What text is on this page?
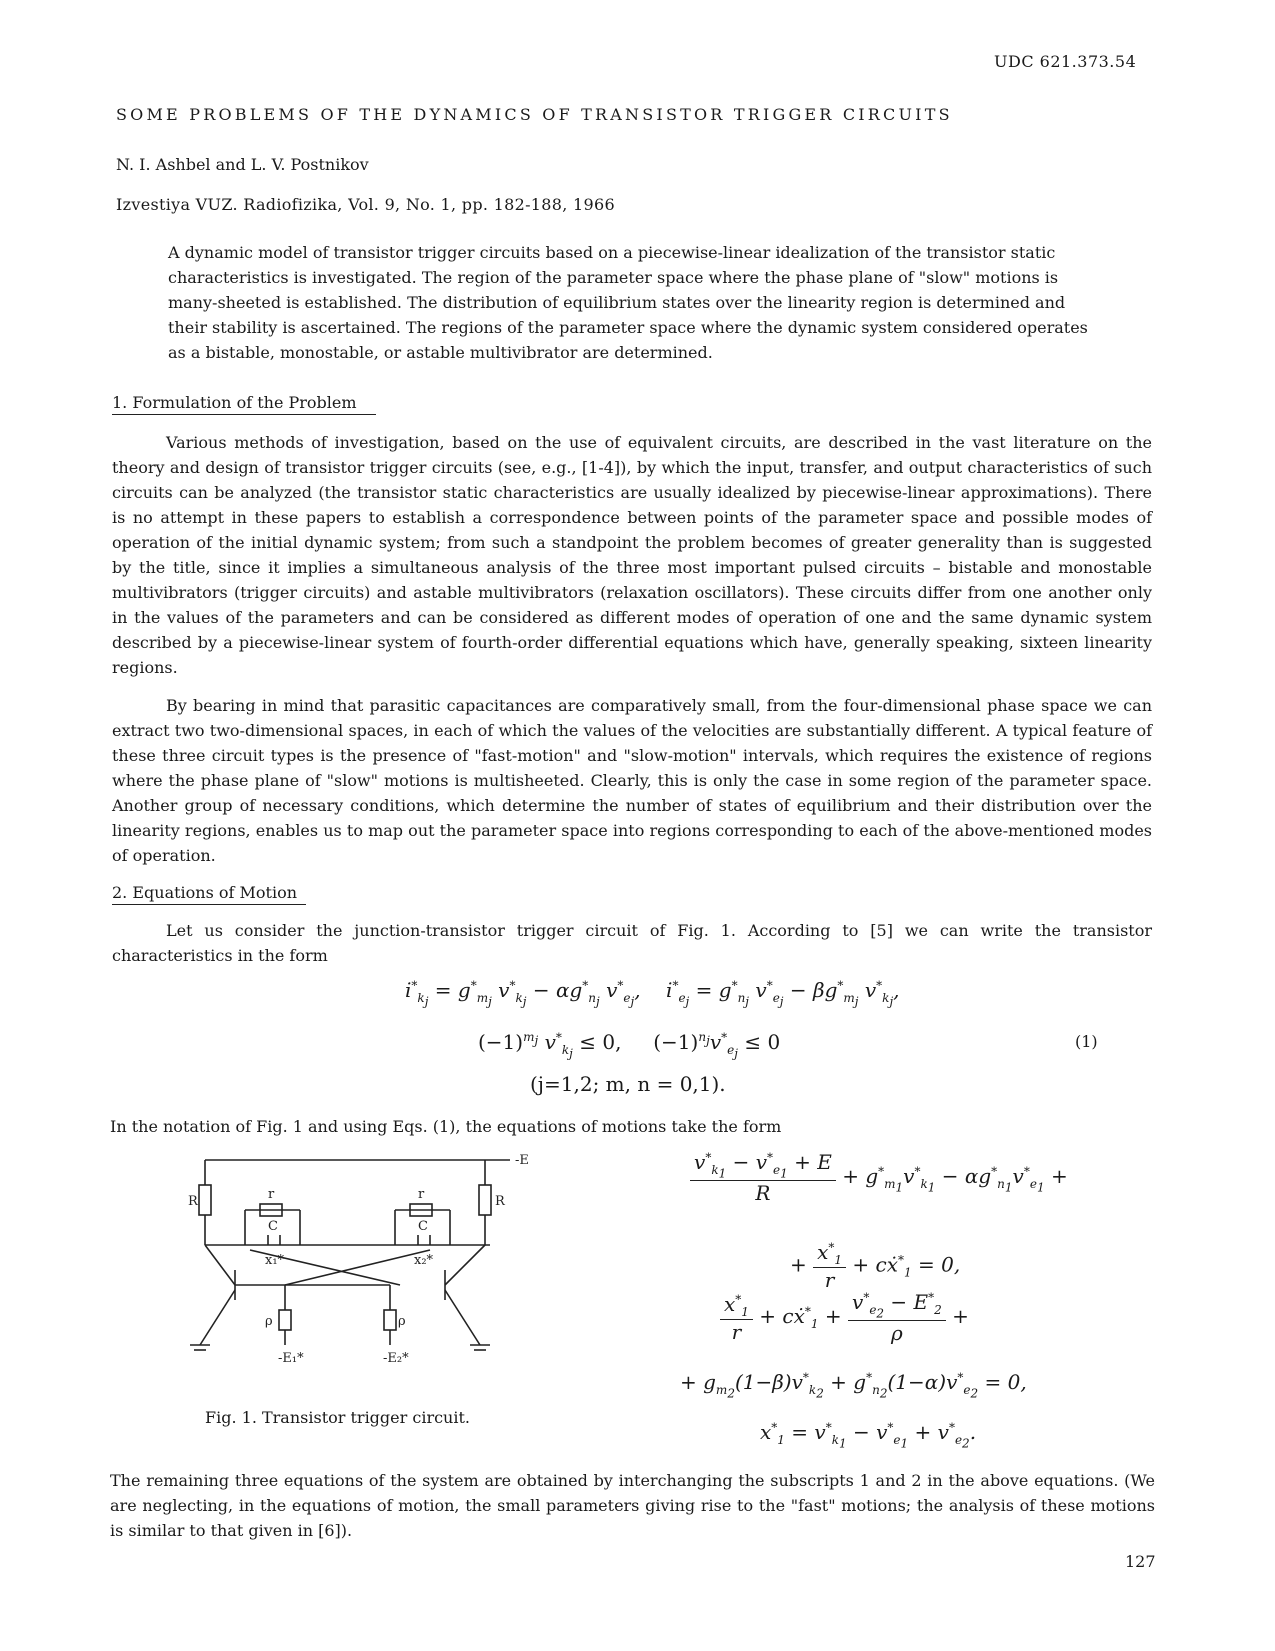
UDC 621.373.54
SOME PROBLEMS OF THE DYNAMICS OF TRANSISTOR TRIGGER CIRCUITS
N. I. Ashbel and L. V. Postnikov
Izvestiya VUZ. Radiofizika, Vol. 9, No. 1, pp. 182-188, 1966
A dynamic model of transistor trigger circuits based on a piecewise-linear idealization of the transistor static characteristics is investigated. The region of the parameter space where the phase plane of "slow" motions is many-sheeted is established. The distribution of equilibrium states over the linearity region is determined and their stability is ascertained. The regions of the parameter space where the dynamic system considered operates as a bistable, monostable, or astable multivibrator are determined.
1. Formulation of the Problem
Various methods of investigation, based on the use of equivalent circuits, are described in the vast literature on the theory and design of transistor trigger circuits (see, e.g., [1-4]), by which the input, transfer, and output characteristics of such circuits can be analyzed (the transistor static characteristics are usually idealized by piecewise-linear approximations). There is no attempt in these papers to establish a correspondence between points of the parameter space and possible modes of operation of the initial dynamic system; from such a standpoint the problem becomes of greater generality than is suggested by the title, since it implies a simultaneous analysis of the three most important pulsed circuits – bistable and monostable multivibrators (trigger circuits) and astable multivibrators (relaxation oscillators). These circuits differ from one another only in the values of the parameters and can be considered as different modes of operation of one and the same dynamic system described by a piecewise-linear system of fourth-order differential equations which have, generally speaking, sixteen linearity regions.
By bearing in mind that parasitic capacitances are comparatively small, from the four-dimensional phase space we can extract two two-dimensional spaces, in each of which the values of the velocities are substantially different. A typical feature of these three circuit types is the presence of "fast-motion" and "slow-motion" intervals, which requires the existence of regions where the phase plane of "slow" motions is multisheeted. Clearly, this is only the case in some region of the parameter space. Another group of necessary conditions, which determine the number of states of equilibrium and their distribution over the linearity regions, enables us to map out the parameter space into regions corresponding to each of the above-mentioned modes of operation.
2. Equations of Motion
Let us consider the junction-transistor trigger circuit of Fig. 1. According to [5] we can write the transistor characteristics in the form
$i^*_{k_j} = g^*_{m_j}$ $v^*_{k_j} - \alpha g^*_{n_j}$ $v^*_{e_j}$,    $i^*_{e_j} = g^*_{n_j}$ $v^*_{e_j} - \beta g^*_{m_j}$ $v^*_{k_j}$,
$(-1)^{m_j}$ $v^*_{k_j} \le 0$,     $(-1)^{n_j}v^*_{e_j} \le 0$
(j=1,2; m, n = 0,1).
(1)
In the notation of Fig. 1 and using Eqs. (1), the equations of motions take the form
-E
R	R
r	r
C	C
x₁*	x₂*
ρ	ρ
-E₁*	-E₂*
Fig. 1. Transistor trigger circuit.
$\frac{v^*_{k_1} - v^*_{e_1} + E}{R} + g^*_{m_1}v^*_{k_1} - \alpha g^*_{n_1}v^*_{e_1}$ +
+ $\frac{x^*_1}{r}$ + cẋ*$_1$ = 0,
$\frac{x^*_1}{r}$ + cẋ*$_1$ + $\frac{v^*_{e_2} - E^*_2}{\rho}$ +
+ $g_{m_2}(1-\beta)v^*_{k_2} + g^*_{n_2}(1-\alpha)v^*_{e_2} = 0$,
$x^*_1 = v^*_{k_1} - v^*_{e_1} + v^*_{e_2}$.
The remaining three equations of the system are obtained by interchanging the subscripts 1 and 2 in the above equations. (We are neglecting, in the equations of motion, the small parameters giving rise to the "fast" motions; the analysis of these motions is similar to that given in [6]).
127
